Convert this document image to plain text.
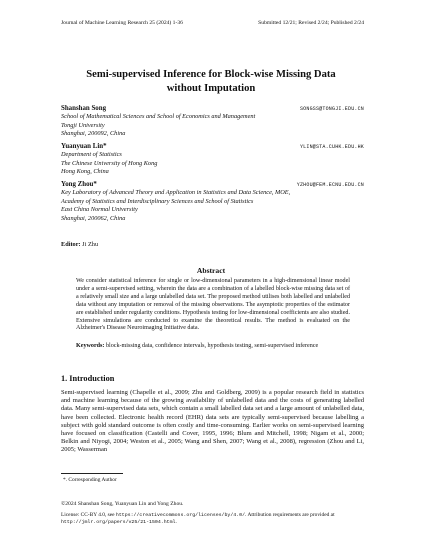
Journal of Machine Learning Research 25 (2024) 1-36	Submitted 12/21; Revised 2/24; Published 2/24
Semi-supervised Inference for Block-wise Missing Data
without Imputation
Shanshan Song	SONGSS@TONGJI.EDU.CN
School of Mathematical Sciences and School of Economics and Management
Tongji University
Shanghai, 200092, China
Yuanyuan Lin*	YLIN@STA.CUHK.EDU.HK
Department of Statistics
The Chinese University of Hong Kong
Hong Kong, China
Yong Zhou*	YZHOU@FEM.ECNU.EDU.CN
Key Laboratory of Advanced Theory and Application in Statistics and Data Science, MOE,
Academy of Statistics and Interdisciplinary Sciences and School of Statistics
East China Normal University
Shanghai, 200062, China
Editor: Ji Zhu
Abstract
We consider statistical inference for single or low-dimensional parameters in a high-dimensional linear model under a semi-supervised setting, wherein the data are a combination of a labelled block-wise missing data set of a relatively small size and a large unlabelled data set. The proposed method utilises both labelled and unlabelled data without any imputation or removal of the missing observations. The asymptotic properties of the estimator are established under regularity conditions. Hypothesis testing for low-dimensional coefficients are also studied. Extensive simulations are conducted to examine the theoretical results. The method is evaluated on the Alzheimer's Disease Neuroimaging Initiative data.
Keywords: block-missing data, confidence intervals, hypothesis testing, semi-supervised inference
1. Introduction
Semi-supervised learning (Chapelle et al., 2009; Zhu and Goldberg, 2009) is a popular research field in statistics and machine learning because of the growing availability of unlabelled data and the costs of generating labelled data. Many semi-supervised data sets, which contain a small labelled data set and a large amount of unlabelled data, have been collected. Electronic health record (EHR) data sets are typically semi-supervised because labelling a subject with gold standard outcome is often costly and time-consuming. Earlier works on semi-supervised learning have focused on classification (Castelli and Cover, 1995, 1996; Blum and Mitchell, 1998; Nigam et al., 2000; Belkin and Niyogi, 2004; Weston et al., 2005; Wang and Shen, 2007; Wang et al., 2008), regression (Zhou and Li, 2005; Wasserman
*. Corresponding Author
©2024 Shanshan Song, Yuanyuan Lin and Yong Zhou.
License: CC-BY 4.0, see https://creativecommons.org/licenses/by/4.0/. Attribution requirements are provided at http://jmlr.org/papers/v25/21-1504.html.
